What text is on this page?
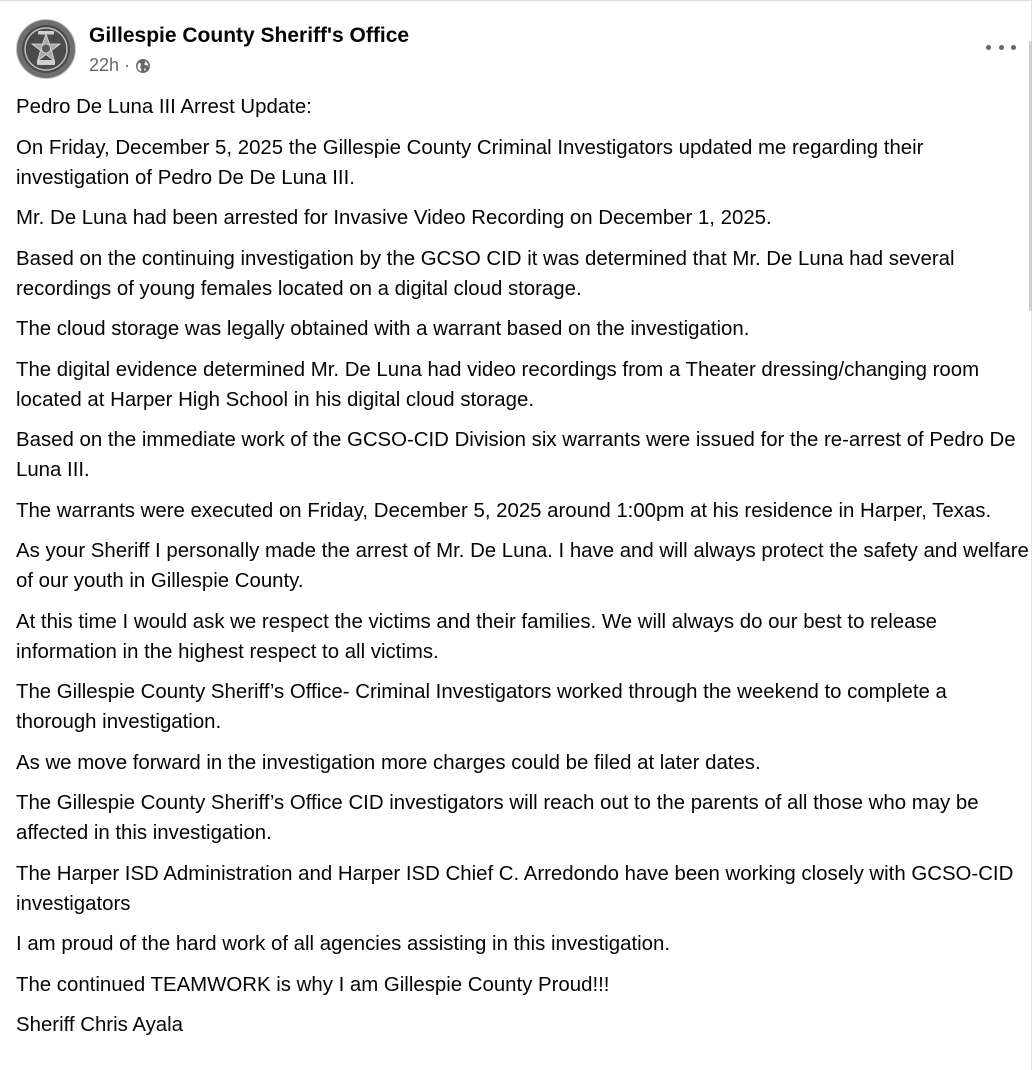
Gillespie County Sheriff's Office
22h ·

Pedro De Luna III Arrest Update:

On Friday, December 5, 2025 the Gillespie County Criminal Investigators updated me regarding their investigation of Pedro De De Luna III.

Mr. De Luna had been arrested for Invasive Video Recording on December 1, 2025.

Based on the continuing investigation by the GCSO CID it was determined that Mr. De Luna had several recordings of young females located on a digital cloud storage.

The cloud storage was legally obtained with a warrant based on the investigation.

The digital evidence determined Mr. De Luna had video recordings from a Theater dressing/changing room located at Harper High School in his digital cloud storage.

Based on the immediate work of the GCSO-CID Division six warrants were issued for the re-arrest of Pedro De Luna III.

The warrants were executed on Friday, December 5, 2025 around 1:00pm at his residence in Harper, Texas.

As your Sheriff I personally made the arrest of Mr. De Luna. I have and will always protect the safety and welfare of our youth in Gillespie County.

At this time I would ask we respect the victims and their families. We will always do our best to release information in the highest respect to all victims.

The Gillespie County Sheriff’s Office- Criminal Investigators worked through the weekend to complete a thorough investigation.

As we move forward in the investigation more charges could be filed at later dates.

The Gillespie County Sheriff’s Office CID investigators will reach out to the parents of all those who may be affected in this investigation.

The Harper ISD Administration and Harper ISD Chief C. Arredondo have been working closely with GCSO-CID investigators

I am proud of the hard work of all agencies assisting in this investigation.

The continued TEAMWORK is why I am Gillespie County Proud!!!

Sheriff Chris Ayala
